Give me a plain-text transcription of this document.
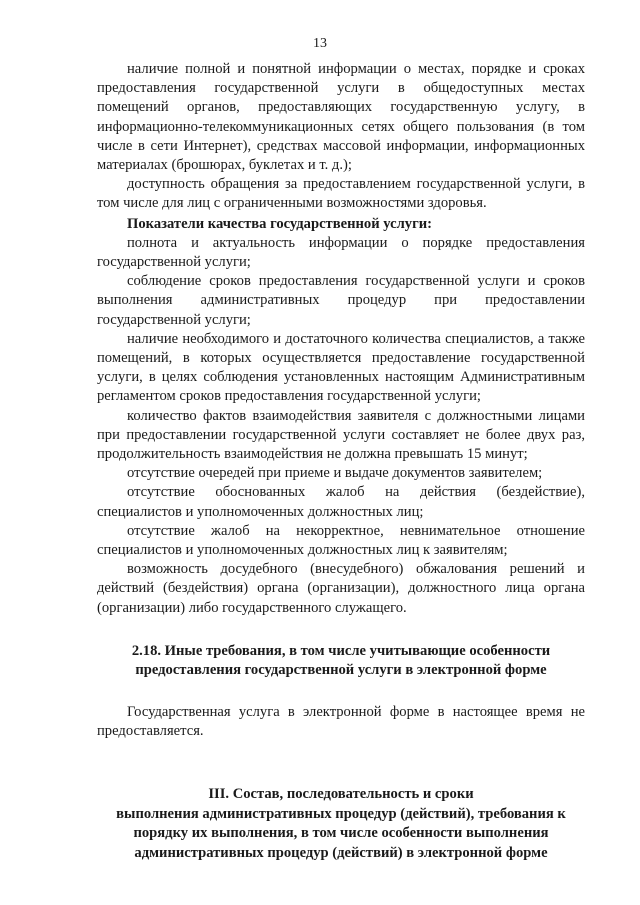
13

наличие полной и понятной информации о местах, порядке и сроках предоставления государственной услуги в общедоступных местах помещений органов, предоставляющих государственную услугу, в информационно-телекоммуникационных сетях общего пользования (в том числе в сети Интернет), средствах массовой информации, информационных материалах (брошюрах, буклетах и т. д.);

доступность обращения за предоставлением государственной услуги, в том числе для лиц с ограниченными возможностями здоровья.

Показатели качества государственной услуги:

полнота и актуальность информации о порядке предоставления государственной услуги;

соблюдение сроков предоставления государственной услуги и сроков выполнения административных процедур при предоставлении государственной услуги;

наличие необходимого и достаточного количества специалистов, а также помещений, в которых осуществляется предоставление государственной услуги, в целях соблюдения установленных настоящим Административным регламентом сроков предоставления государственной услуги;

количество фактов взаимодействия заявителя с должностными лицами при предоставлении государственной услуги составляет не более двух раз, продолжительность взаимодействия не должна превышать 15 минут;

отсутствие очередей при приеме и выдаче документов заявителем;

отсутствие обоснованных жалоб на действия (бездействие), специалистов и уполномоченных должностных лиц;

отсутствие жалоб на некорректное, невнимательное отношение специалистов и уполномоченных должностных лиц к заявителям;

возможность досудебного (внесудебного) обжалования решений и действий (бездействия) органа (организации), должностного лица органа (организации) либо государственного служащего.

2.18. Иные требования, в том числе учитывающие особенности

предоставления государственной услуги в электронной форме

Государственная услуга в электронной форме в настоящее время не предоставляется.

III. Состав, последовательность и сроки

выполнения административных процедур (действий), требования к

порядку их выполнения, в том числе особенности выполнения

административных процедур (действий) в электронной форме
